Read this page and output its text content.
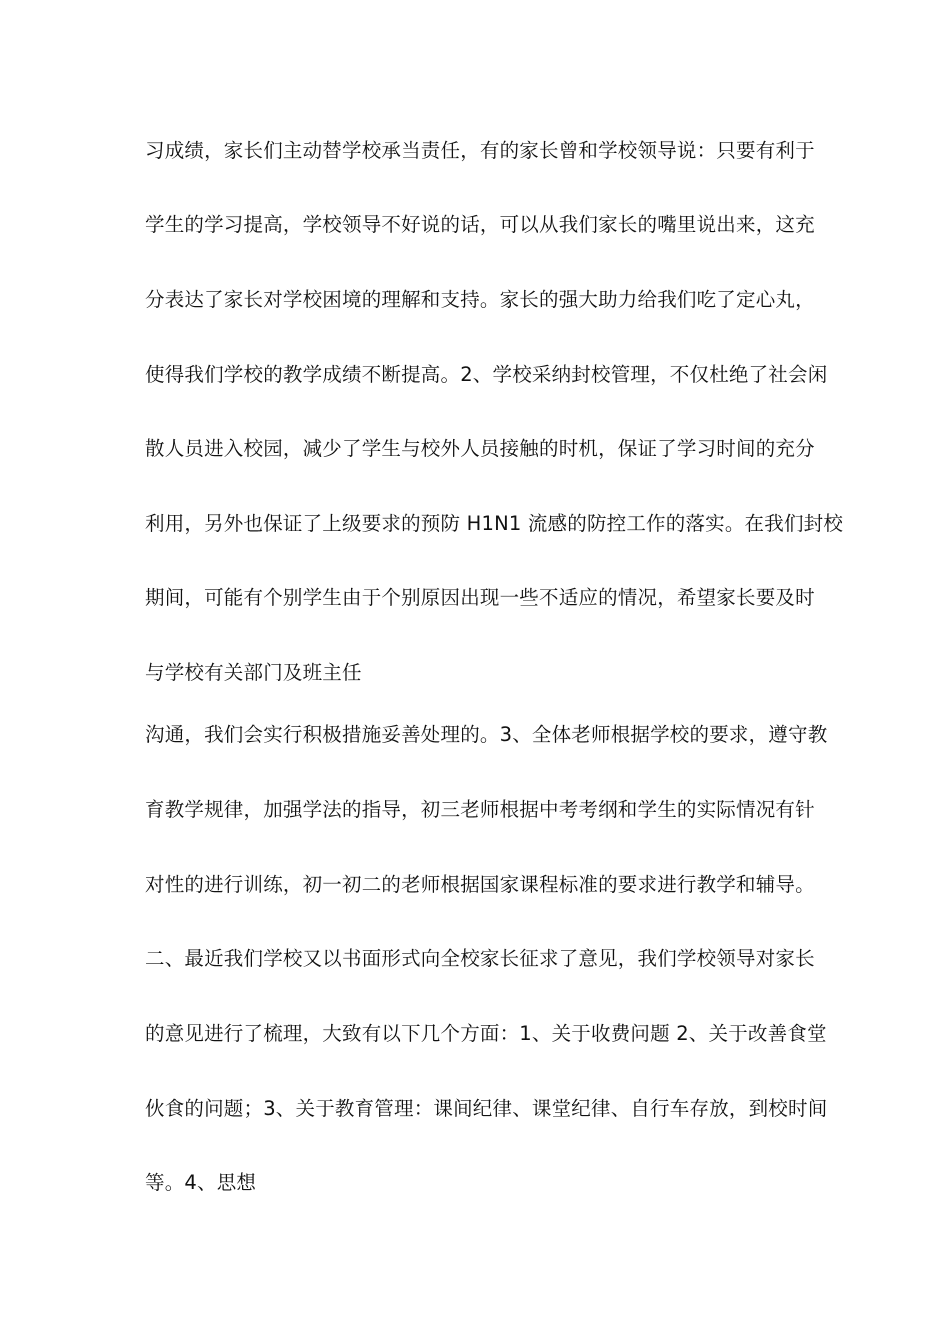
习成绩，家长们主动替学校承当责任，有的家长曾和学校领导说：只要有利于
学生的学习提高，学校领导不好说的话，可以从我们家长的嘴里说出来，这充
分表达了家长对学校困境的理解和支持。家长的强大助力给我们吃了定心丸，
使得我们学校的教学成绩不断提高。2、学校采纳封校管理，不仅杜绝了社会闲
散人员进入校园，减少了学生与校外人员接触的时机，保证了学习时间的充分
利用，另外也保证了上级要求的预防 H1N1 流感的防控工作的落实。在我们封校
期间，可能有个别学生由于个别原因出现一些不适应的情况，希望家长要及时
与学校有关部门及班主任
沟通，我们会实行积极措施妥善处理的。3、全体老师根据学校的要求，遵守教
育教学规律，加强学法的指导，初三老师根据中考考纲和学生的实际情况有针
对性的进行训练，初一初二的老师根据国家课程标准的要求进行教学和辅导。
二、最近我们学校又以书面形式向全校家长征求了意见，我们学校领导对家长
的意见进行了梳理，大致有以下几个方面：1、关于收费问题 2、关于改善食堂
伙食的问题；3、关于教育管理：课间纪律、课堂纪律、自行车存放，到校时间
等。4、思想
